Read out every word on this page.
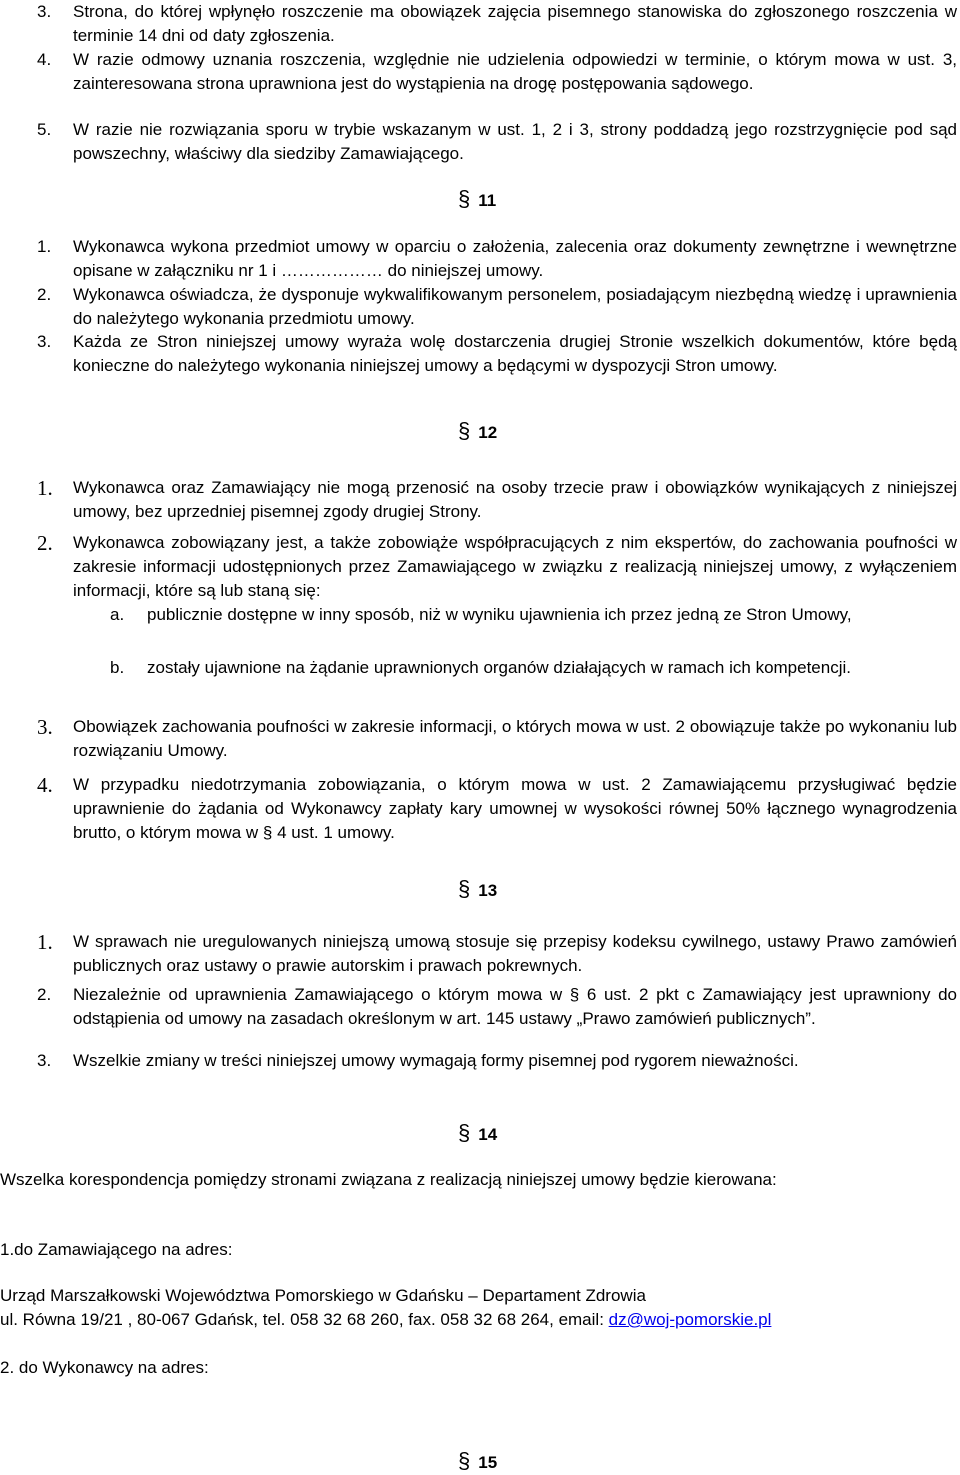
3. Strona, do której wpłynęło roszczenie ma obowiązek zajęcia pisemnego stanowiska do zgłoszonego roszczenia w terminie 14 dni od daty zgłoszenia.
4. W razie odmowy uznania roszczenia, względnie nie udzielenia odpowiedzi w terminie, o którym mowa w ust. 3, zainteresowana strona uprawniona jest do wystąpienia na drogę postępowania sądowego.
5. W razie nie rozwiązania sporu w trybie wskazanym w ust. 1, 2 i 3, strony poddadzą jego rozstrzygnięcie pod sąd powszechny, właściwy dla siedziby Zamawiającego.
§ 11
1. Wykonawca wykona przedmiot umowy w oparciu o założenia, zalecenia oraz dokumenty zewnętrzne i wewnętrzne opisane w załączniku nr 1 i ……………… do niniejszej umowy.
2. Wykonawca oświadcza, że dysponuje wykwalifikowanym personelem, posiadającym niezbędną wiedzę i uprawnienia do należytego wykonania przedmiotu umowy.
3. Każda ze Stron niniejszej umowy wyraża wolę dostarczenia drugiej Stronie wszelkich dokumentów, które będą konieczne do należytego wykonania niniejszej umowy a będącymi w dyspozycji Stron umowy.
§ 12
1. Wykonawca oraz Zamawiający nie mogą przenosić na osoby trzecie praw i obowiązków wynikających z niniejszej umowy, bez uprzedniej pisemnej zgody drugiej Strony.
2. Wykonawca zobowiązany jest, a także zobowiąże współpracujących z nim ekspertów, do zachowania poufności w zakresie informacji udostępnionych przez Zamawiającego w związku z realizacją niniejszej umowy, z wyłączeniem informacji, które są lub staną się:
a. publicznie dostępne w inny sposób, niż w wyniku ujawnienia ich przez jedną ze Stron Umowy,
b. zostały ujawnione na żądanie uprawnionych organów działających w ramach ich kompetencji.
3. Obowiązek zachowania poufności w zakresie informacji, o których mowa w ust. 2 obowiązuje także po wykonaniu lub rozwiązaniu Umowy.
4. W przypadku niedotrzymania zobowiązania, o którym mowa w ust. 2 Zamawiającemu przysługiwać będzie uprawnienie do żądania od Wykonawcy zapłaty kary umownej w wysokości równej 50% łącznego wynagrodzenia brutto, o którym mowa w § 4 ust. 1 umowy.
§ 13
1. W sprawach nie uregulowanych niniejszą umową stosuje się przepisy kodeksu cywilnego, ustawy Prawo zamówień publicznych oraz ustawy o prawie autorskim i prawach pokrewnych.
2. Niezależnie od uprawnienia Zamawiającego o którym mowa w § 6 ust. 2 pkt c Zamawiający jest uprawniony do odstąpienia od umowy na zasadach określonym w art. 145 ustawy „Prawo zamówień publicznych”.
3. Wszelkie zmiany w treści niniejszej umowy wymagają formy pisemnej pod rygorem nieważności.
§ 14
Wszelka korespondencja pomiędzy stronami związana z realizacją niniejszej umowy będzie kierowana:
1.do Zamawiającego na adres:
Urząd Marszałkowski Województwa Pomorskiego w Gdańsku – Departament Zdrowia
ul. Równa 19/21 , 80-067 Gdańsk, tel. 058 32 68 260, fax. 058 32 68 264, email: dz@woj-pomorskie.pl
2. do Wykonawcy na adres:
§ 15
